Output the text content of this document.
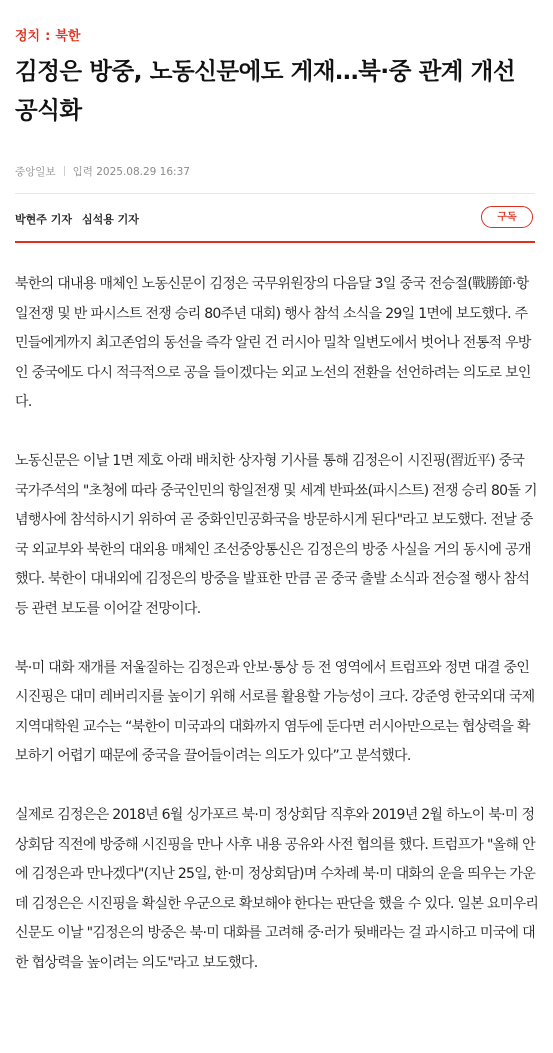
정치 : 북한
김정은 방중, 노동신문에도 게재…북·중 관계 개선 공식화
중앙일보 입력 2025.08.29 16:37
박현주 기자 심석용 기자	구독

북한의 대내용 매체인 노동신문이 김정은 국무위원장의 다음달 3일 중국 전승절(戰勝節·항일전쟁 및 반 파시스트 전쟁 승리 80주년 대회) 행사 참석 소식을 29일 1면에 보도했다. 주민들에게까지 최고존엄의 동선을 즉각 알린 건 러시아 밀착 일변도에서 벗어나 전통적 우방인 중국에도 다시 적극적으로 공을 들이겠다는 외교 노선의 전환을 선언하려는 의도로 보인다.

노동신문은 이날 1면 제호 아래 배치한 상자형 기사를 통해 김정은이 시진핑(習近平) 중국 국가주석의 "초청에 따라 중국인민의 항일전쟁 및 세계 반파쑈(파시스트) 전쟁 승리 80돌 기념행사에 참석하시기 위하여 곧 중화인민공화국을 방문하시게 된다"라고 보도했다. 전날 중국 외교부와 북한의 대외용 매체인 조선중앙통신은 김정은의 방중 사실을 거의 동시에 공개했다. 북한이 대내외에 김정은의 방중을 발표한 만큼 곧 중국 출발 소식과 전승절 행사 참석 등 관련 보도를 이어갈 전망이다.

북·미 대화 재개를 저울질하는 김정은과 안보·통상 등 전 영역에서 트럼프와 정면 대결 중인 시진핑은 대미 레버리지를 높이기 위해 서로를 활용할 가능성이 크다. 강준영 한국외대 국제지역대학원 교수는 “북한이 미국과의 대화까지 염두에 둔다면 러시아만으로는 협상력을 확보하기 어렵기 때문에 중국을 끌어들이려는 의도가 있다”고 분석했다.

실제로 김정은은 2018년 6월 싱가포르 북·미 정상회담 직후와 2019년 2월 하노이 북·미 정상회담 직전에 방중해 시진핑을 만나 사후 내용 공유와 사전 협의를 했다. 트럼프가 "올해 안에 김정은과 만나겠다"(지난 25일, 한·미 정상회담)며 수차례 북·미 대화의 운을 띄우는 가운데 김정은은 시진핑을 확실한 우군으로 확보해야 한다는 판단을 했을 수 있다. 일본 요미우리신문도 이날 "김정은의 방중은 북·미 대화를 고려해 중·러가 뒷배라는 걸 과시하고 미국에 대한 협상력을 높이려는 의도"라고 보도했다.
